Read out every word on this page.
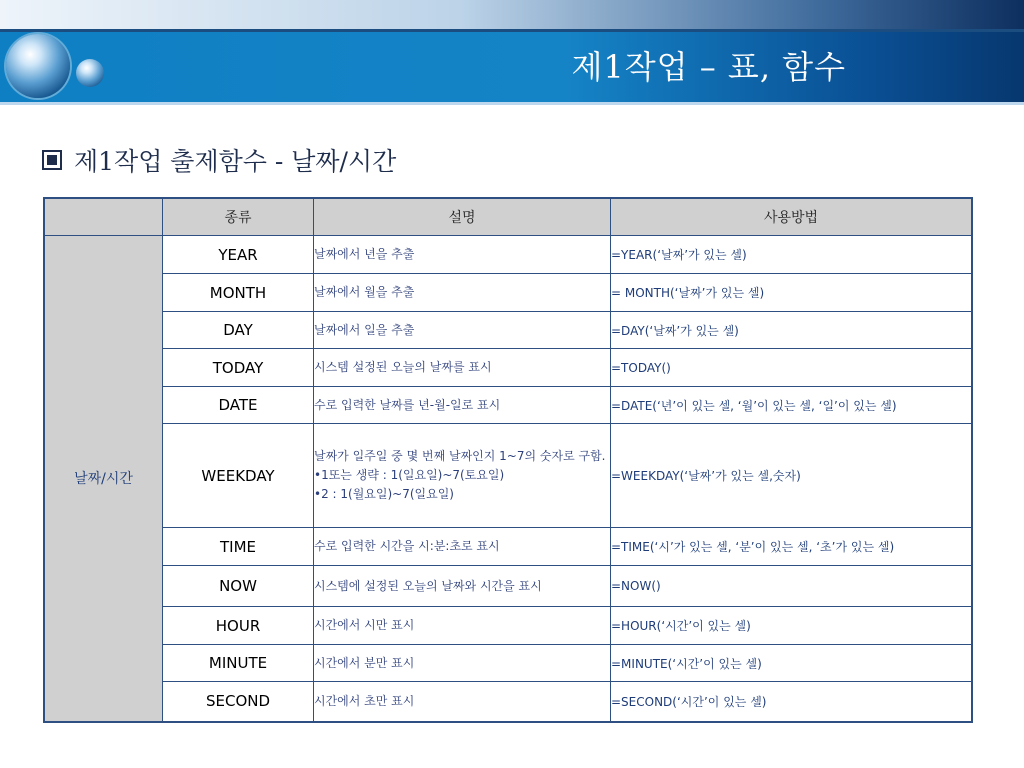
제1작업 – 표, 함수
제1작업 출제함수 - 날짜/시간
	종류	설명	사용방법
날짜/시간	YEAR	날짜에서 년을 추출	=YEAR(‘날짜’가 있는 셀)
	MONTH	날짜에서 월을 추출	= MONTH(‘날짜’가 있는 셀)
	DAY	날짜에서 일을 추출	=DAY(‘날짜’가 있는 셀)
	TODAY	시스템 설정된 오늘의 날짜를 표시	=TODAY()
	DATE	수로 입력한 날짜를 년-월-일로 표시	=DATE(‘년’이 있는 셀, ‘월’이 있는 셀, ‘일’이 있는 셀)
	WEEKDAY	날짜가 일주일 중 몇 번째 날짜인지 1~7의 숫자로 구함.
•1또는 생략 : 1(일요일)~7(토요일)
•2 : 1(월요일)~7(일요일)	=WEEKDAY(‘날짜’가 있는 셀,숫자)
	TIME	수로 입력한 시간을 시:분:초로 표시	=TIME(‘시’가 있는 셀, ‘분’이 있는 셀, ‘초’가 있는 셀)
	NOW	시스템에 설정된 오늘의 날짜와 시간을 표시	=NOW()
	HOUR	시간에서 시만 표시	=HOUR(‘시간’이 있는 셀)
	MINUTE	시간에서 분만 표시	=MINUTE(‘시간’이 있는 셀)
	SECOND	시간에서 초만 표시	=SECOND(‘시간’이 있는 셀)
